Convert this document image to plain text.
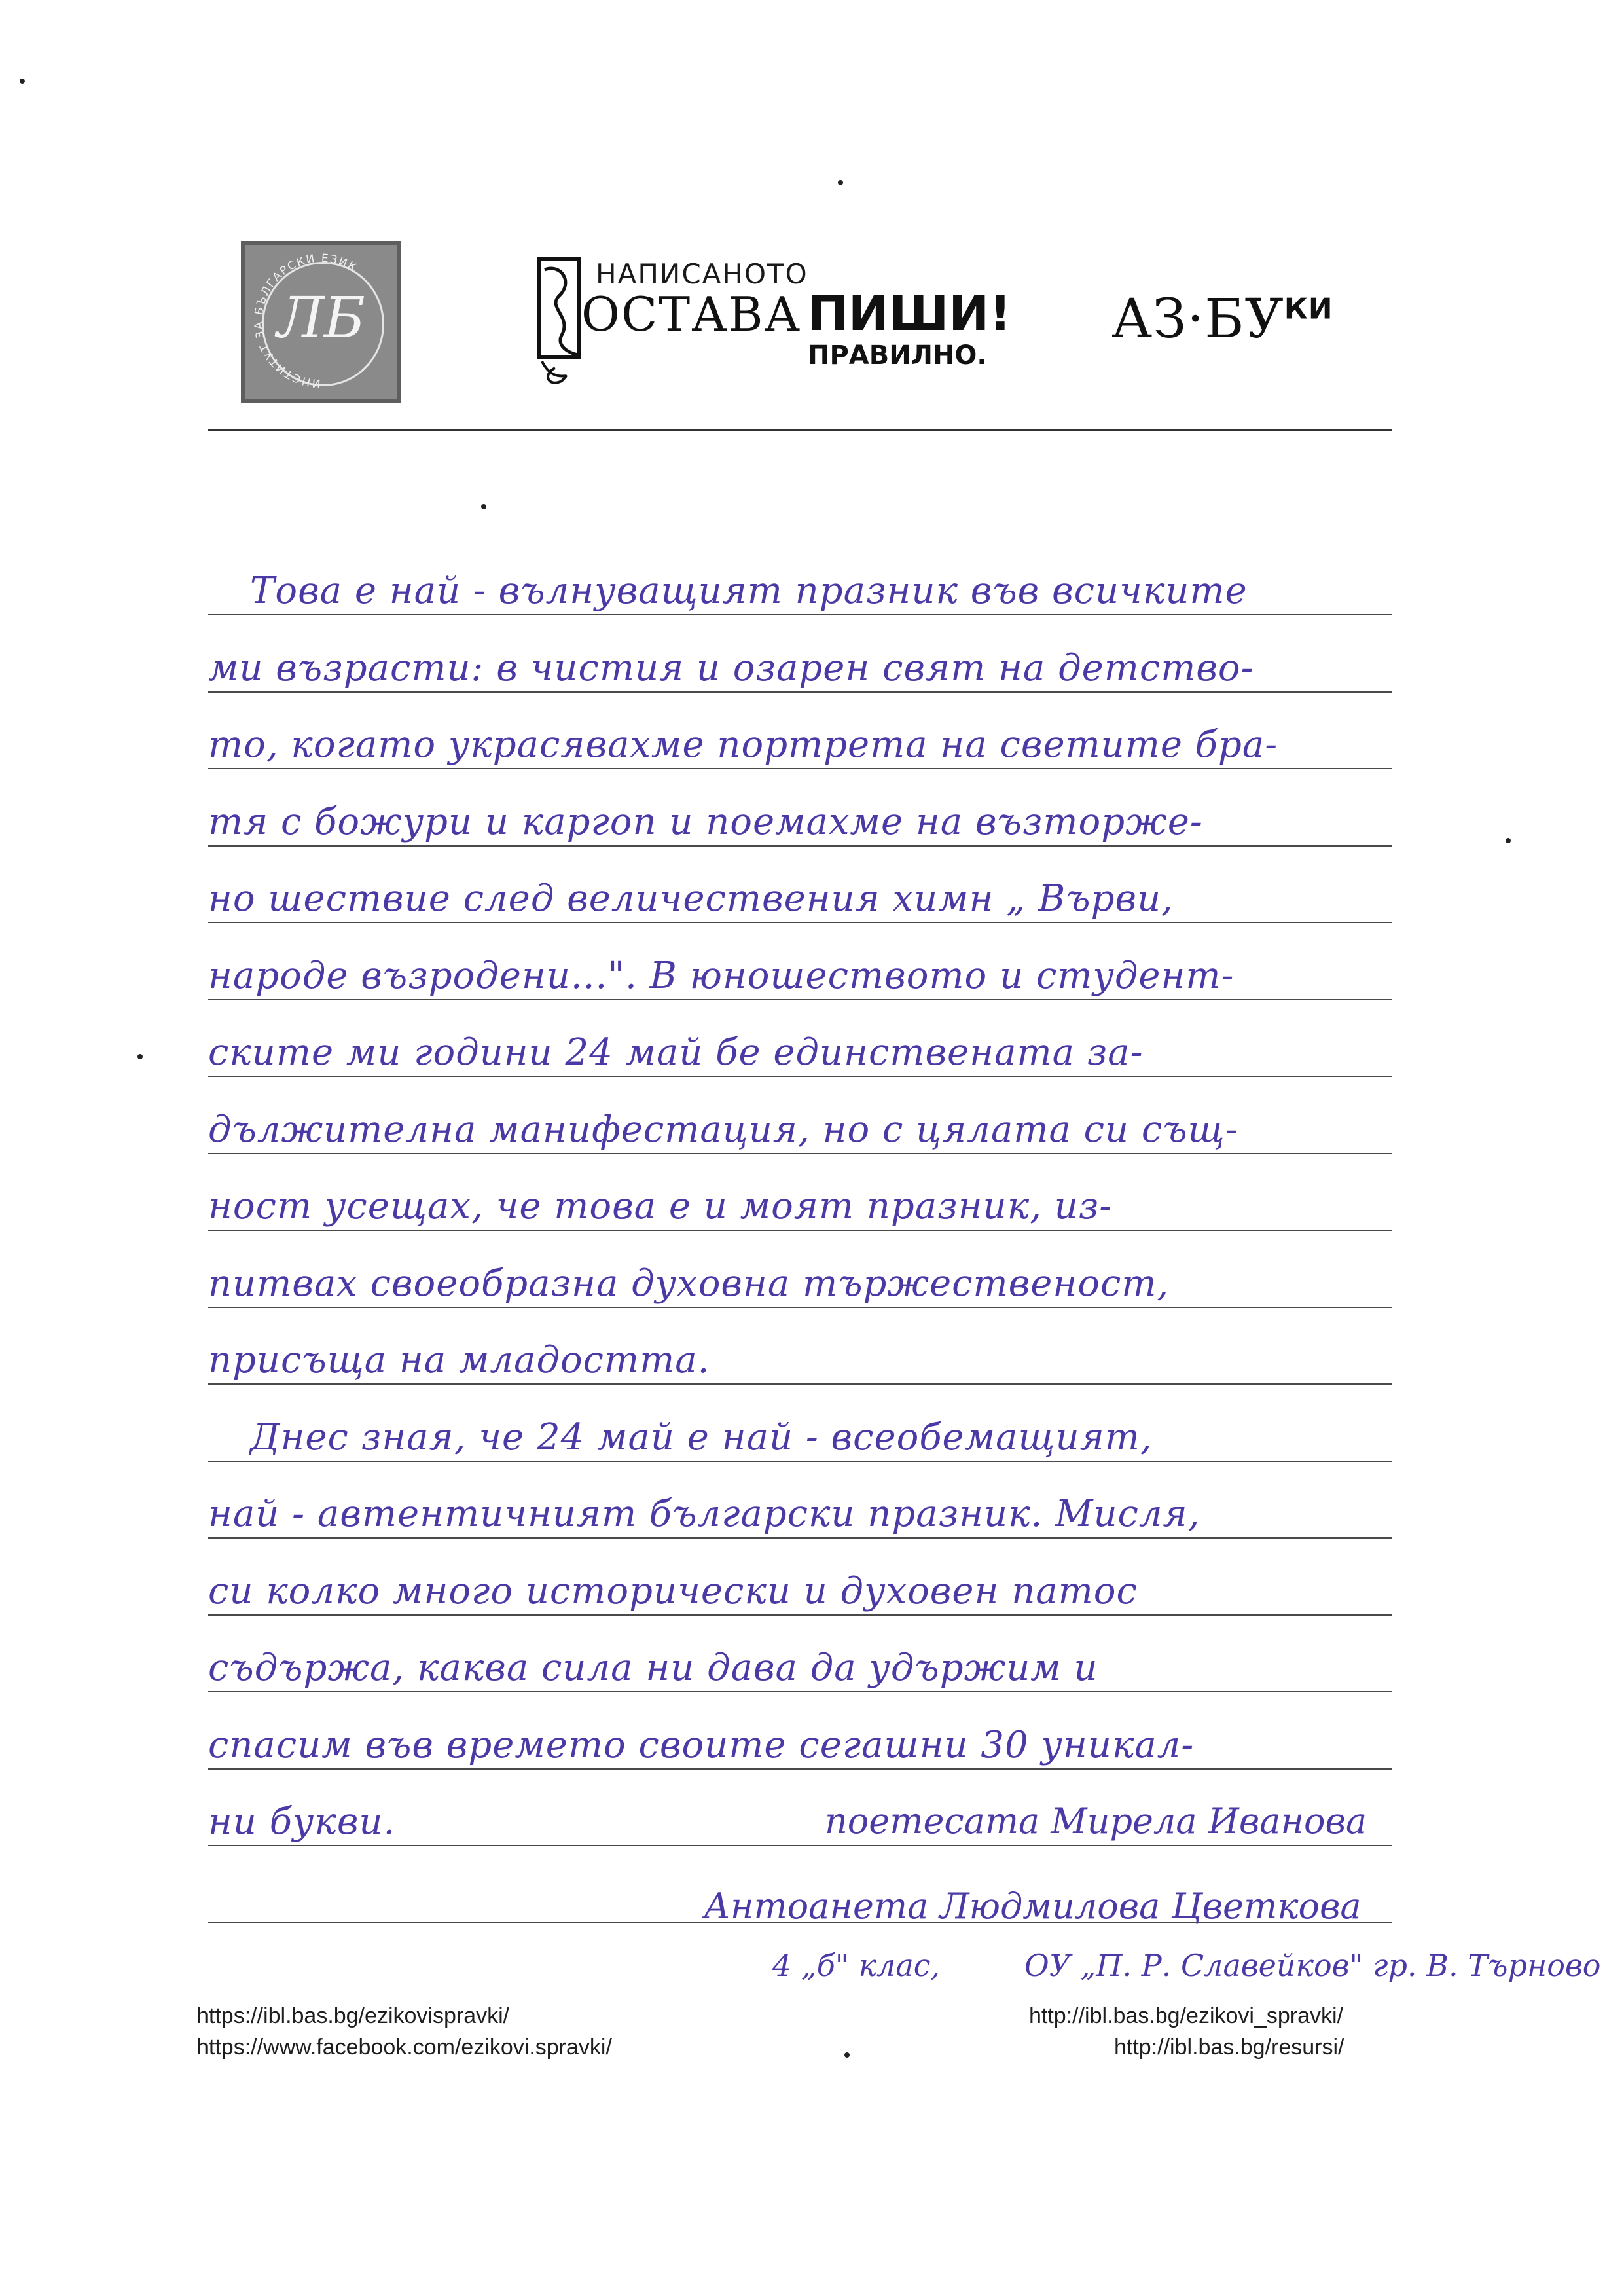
ИНСТИТУТ ЗА БЪЛГАРСКИ ЕЗИК
ЛБ
НАПИСАНОТО
ОСТАВА ПИШИ!
ПРАВИЛНО.
$АЗ\cdot БУ^{КИ}$
Това е най - вълнуващият празник във всичките
ми възрасти: в чистия и озарен свят на детство-
то, когато украсявахме портрета на светите бра-
тя с божури и каргоп и поемахме на възторже-
но шествие след величествения химн „ Върви,
народе възродени...". В юношеството и студент-
ските ми години 24 май бе единствената за-
дължителна манифестация, но с цялата си същ-
ност усещах, че това е и моят празник, из-
питвах своеобразна духовна тържественост,
присъща на младостта.
Днес зная, че 24 май е най - всеобемащият,
най - автентичният български празник. Мисля,
си колко много исторически и духовен патос
съдържа, каква сила ни дава да удържим и
спасим във времето своите сегашни 30 уникал-
ни букви.	поетесата Мирела Иванова
Антоанета Людмилова Цветкова
4 „б" клас,	ОУ „П. Р. Славейков" гр. В. Търново
https://ibl.bas.bg/ezikovispravki/
https://www.facebook.com/ezikovi.spravki/
http://ibl.bas.bg/ezikovi_spravki/
http://ibl.bas.bg/resursi/
